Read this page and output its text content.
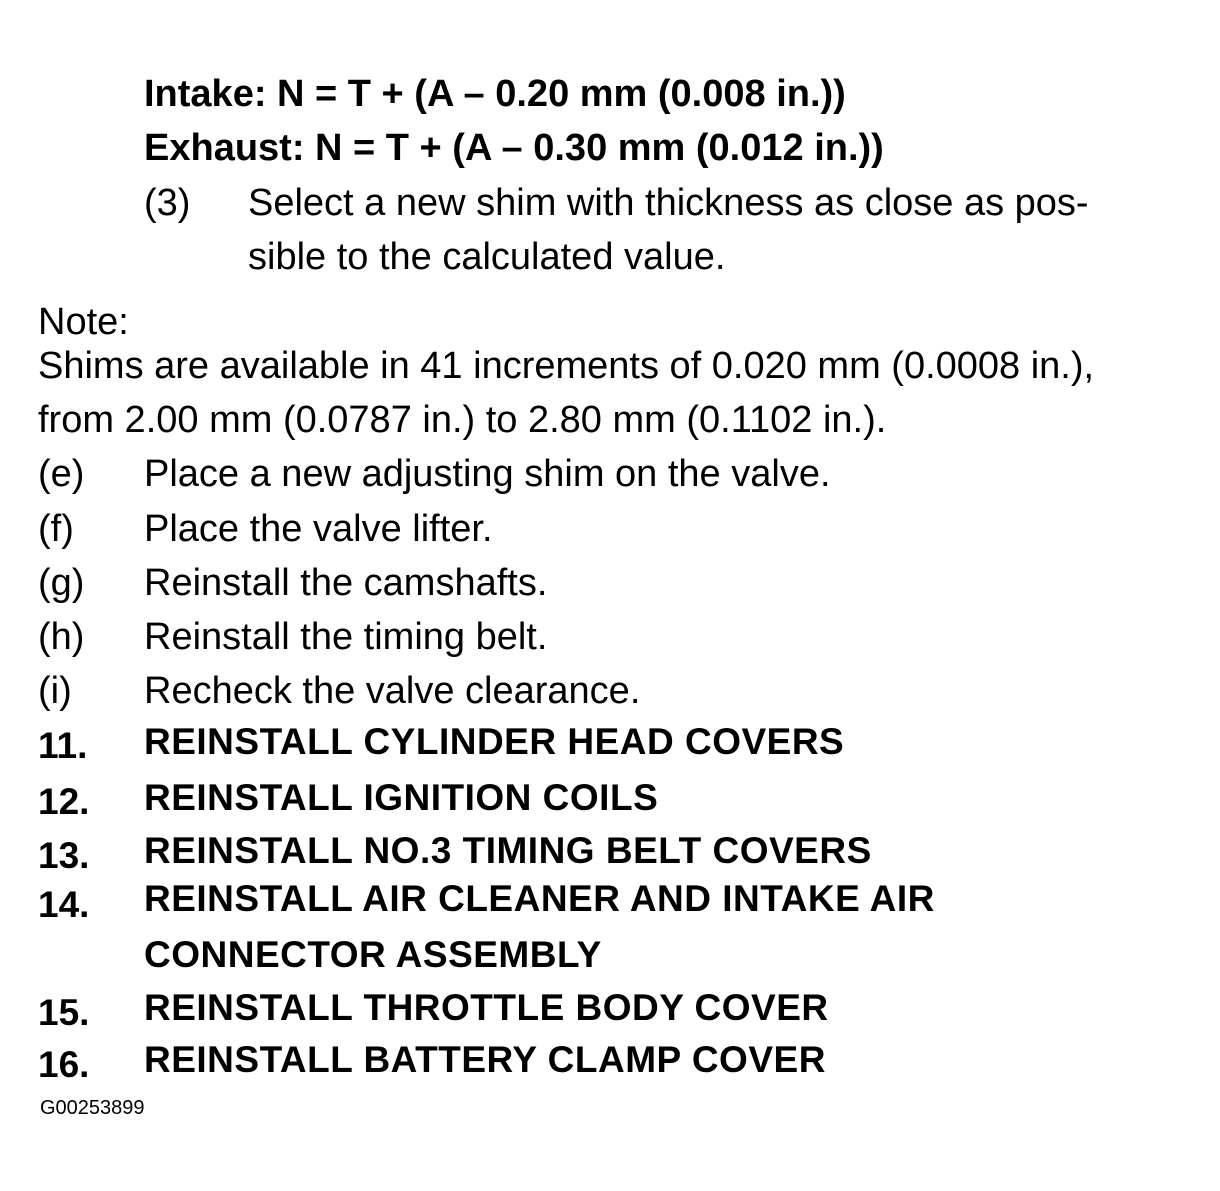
Intake: N = T + (A – 0.20 mm (0.008 in.))
Exhaust: N = T + (A – 0.30 mm (0.012 in.))
(3) Select a new shim with thickness as close as pos-
sible to the calculated value.
Note:
Shims are available in 41 increments of 0.020 mm (0.0008 in.),
from 2.00 mm (0.0787 in.) to 2.80 mm (0.1102 in.).
(e) Place a new adjusting shim on the valve.
(f) Place the valve lifter.
(g) Reinstall the camshafts.
(h) Reinstall the timing belt.
(i) Recheck the valve clearance.
11. REINSTALL CYLINDER HEAD COVERS
12. REINSTALL IGNITION COILS
13. REINSTALL NO.3 TIMING BELT COVERS
14. REINSTALL AIR CLEANER AND INTAKE AIR
CONNECTOR ASSEMBLY
15. REINSTALL THROTTLE BODY COVER
16. REINSTALL BATTERY CLAMP COVER
G00253899
